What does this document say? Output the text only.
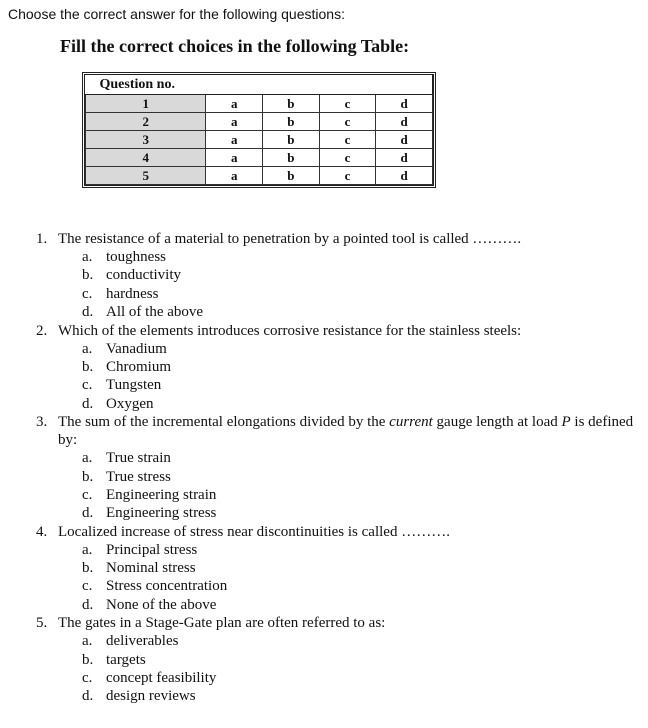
Choose the correct answer for the following questions:
Fill the correct choices in the following Table:
Question no.				
1	a	b	c	d
2	a	b	c	d
3	a	b	c	d
4	a	b	c	d
5	a	b	c	d
1. The resistance of a material to penetration by a pointed tool is called ……….
a. toughness
b. conductivity
c. hardness
d. All of the above
2. Which of the elements introduces corrosive resistance for the stainless steels:
a. Vanadium
b. Chromium
c. Tungsten
d. Oxygen
3. The sum of the incremental elongations divided by the current gauge length at load P is defined by:
a. True strain
b. True stress
c. Engineering strain
d. Engineering stress
4. Localized increase of stress near discontinuities is called ……….
a. Principal stress
b. Nominal stress
c. Stress concentration
d. None of the above
5. The gates in a Stage-Gate plan are often referred to as:
a. deliverables
b. targets
c. concept feasibility
d. design reviews
